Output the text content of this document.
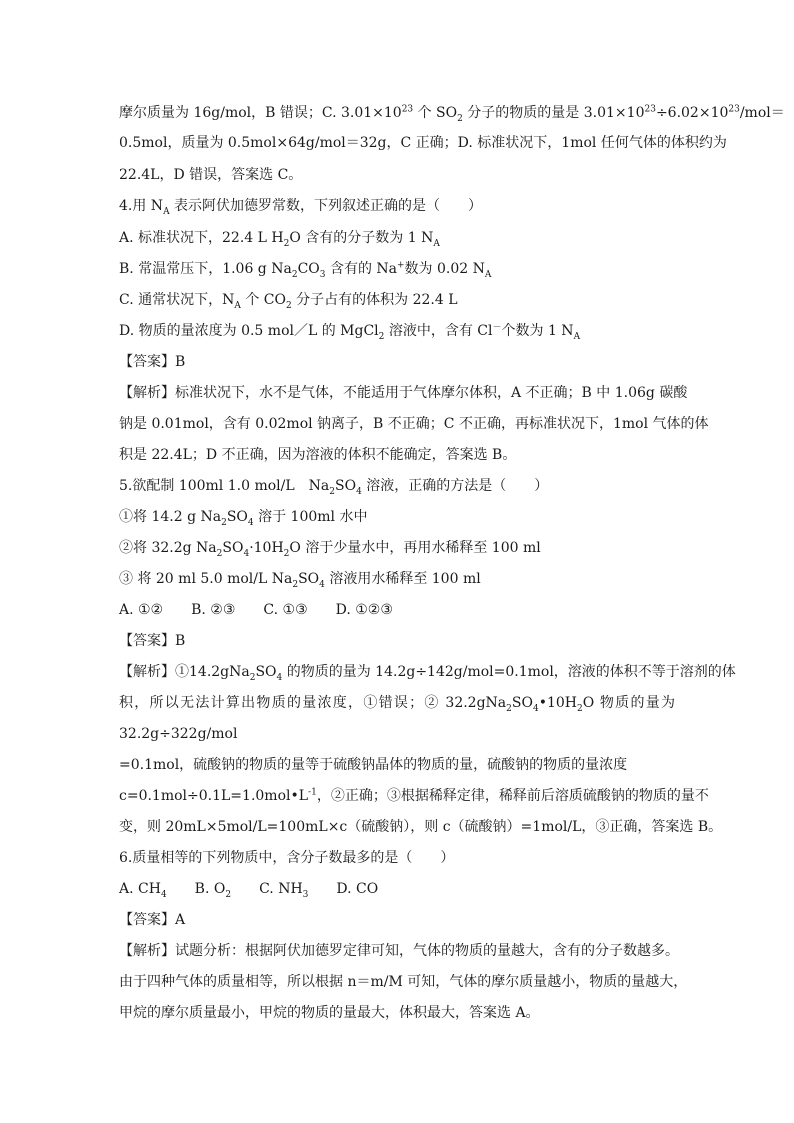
摩尔质量为 16g/mol，B 错误；C. $3.01\times 10^{23}$ 个 $SO_2$ 分子的物质的量是 $3.01\times 10^{23}\div 6.02\times 10^{23}/mol=$
0.5mol，质量为 0.5mol×64g/mol＝32g，C 正确；D. 标准状况下，1mol 任何气体的体积约为
22.4L，D 错误，答案选 C。
4.用 $N_A$ 表示阿伏加德罗常数，下列叙述正确的是（　　）
A. 标准状况下，22.4 L $H_2O$ 含有的分子数为 1 $N_A$
B. 常温常压下，1.06 g $Na_2CO_3$ 含有的 Na+数为 0.02 $N_A$
C. 通常状况下，$N_A$ 个 $CO_2$ 分子占有的体积为 22.4 L
D. 物质的量浓度为 0.5 mol／L 的 MgCl$_2$ 溶液中，含有 Cl－个数为 1 $N_A$
【答案】B
【解析】标准状况下，水不是气体，不能适用于气体摩尔体积，A 不正确；B 中 1.06g 碳酸
钠是 0.01mol，含有 0.02mol 钠离子，B 不正确；C 不正确，再标准状况下，1mol 气体的体
积是 22.4L；D 不正确，因为溶液的体积不能确定，答案选 B。
5.欲配制 100ml 1.0 mol/L　$Na_2SO_4$ 溶液，正确的方法是（　　）
①将 14.2 g $Na_2SO_4$ 溶于 100ml 水中
②将 32.2g $Na_2SO_4\cdot 10H_2O$ 溶于少量水中，再用水稀释至 100 ml
③ 将 20 ml 5.0 mol/L $Na_2SO_4$ 溶液用水稀释至 100 ml
A. ①②　　B. ②③　　C. ①③　　D. ①②③
【答案】B
【解析】$①14.2gNa_2SO_4$ 的物质的量为 14.2g÷142g/mol=0.1mol，溶液的体积不等于溶剂的体
积，所以无法计算出物质的量浓度，①错误；② $32.2gNa_2SO_4•10H_2O$ 物质的量为
32.2g÷322g/mol
=0.1mol，硫酸钠的物质的量等于硫酸钠晶体的物质的量，硫酸钠的物质的量浓度
$c=0.1mol\div 0.1L=1.0mol•L^{-1}$，②正确；③根据稀释定律，稀释前后溶质硫酸钠的物质的量不
变，则 20mL×5mol/L=100mL×c（硫酸钠），则 c（硫酸钠）=1mol/L，③正确，答案选 B。
6.质量相等的下列物质中，含分子数最多的是（　　）
A. $CH_4$　　B. $O_2$　　C. $NH_3$　　D. CO
【答案】A
【解析】试题分析：根据阿伏加德罗定律可知，气体的物质的量越大，含有的分子数越多。
由于四种气体的质量相等，所以根据 n＝m/M 可知，气体的摩尔质量越小，物质的量越大，
甲烷的摩尔质量最小，甲烷的物质的量最大，体积最大，答案选 A。
